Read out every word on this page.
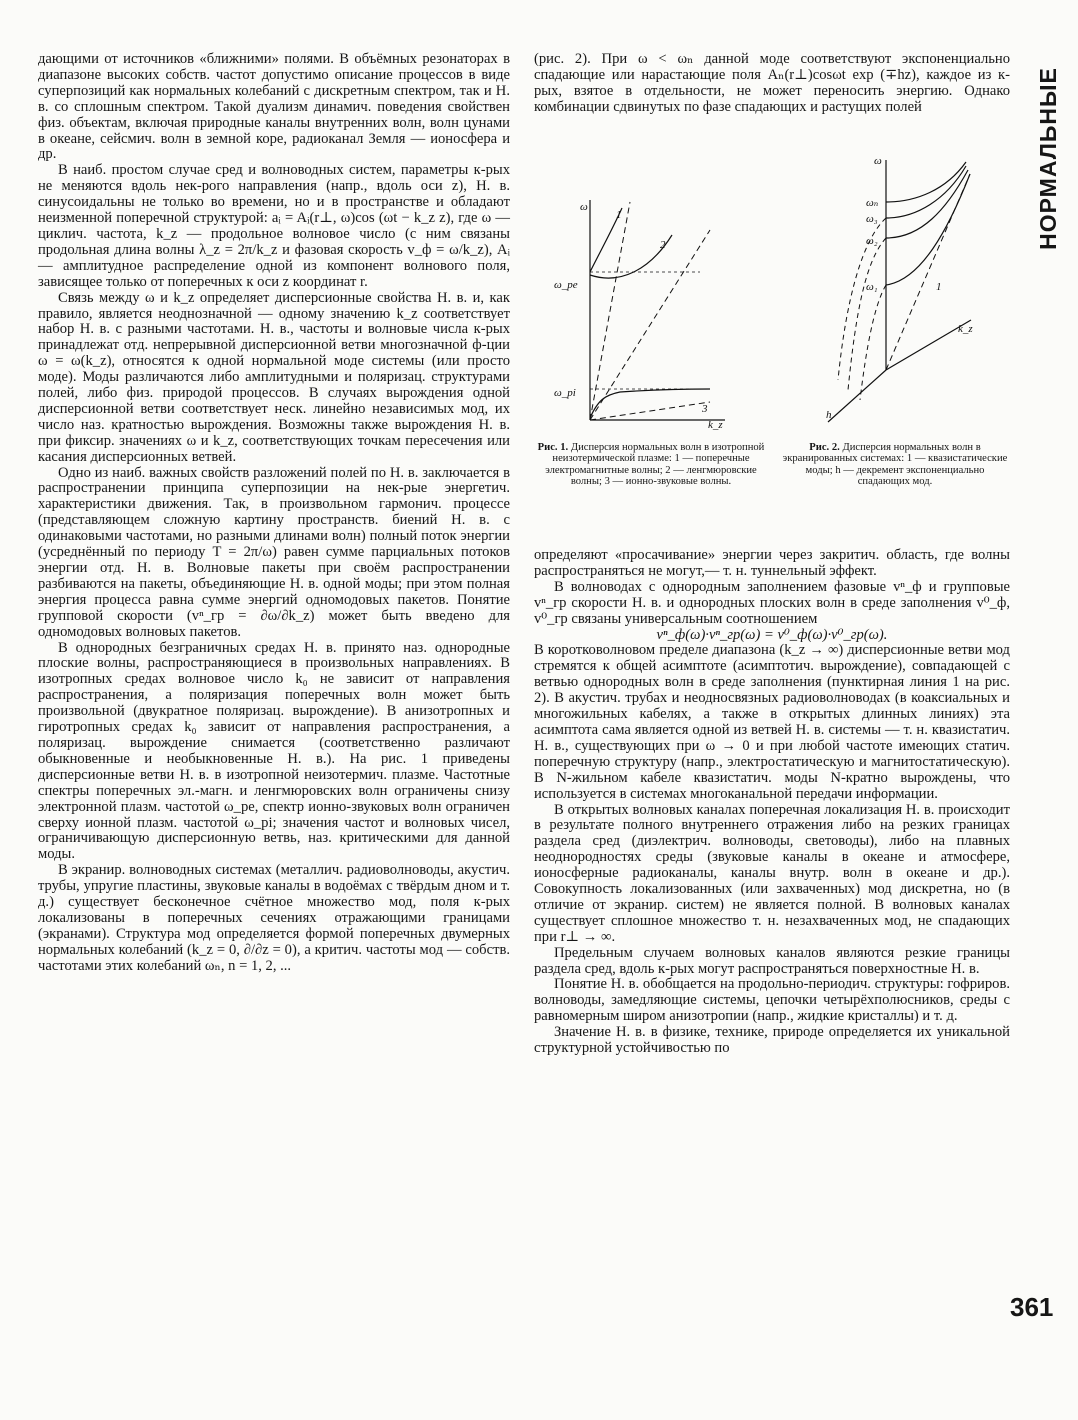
НОРМАЛЬНЫЕ

дающими от источников «ближними» полями. В объёмных резонаторах в диапазоне высоких собств. частот допустимо описание процессов в виде суперпозиций как нормальных колебаний с дискретным спектром, так и Н. в. со сплошным спектром. Такой дуализм динамич. поведения свойствен физ. объектам, включая природные каналы внутренних волн, волн цунами в океане, сейсмич. волн в земной коре, радиоканал Земля — ионосфера и др.

В наиб. простом случае сред и волноводных систем, параметры к-рых не меняются вдоль нек-рого направления (напр., вдоль оси z), Н. в. синусоидальны не только во времени, но и в пространстве и обладают неизменной поперечной структурой: aᵢ = Aᵢ(r⊥, ω)cos (ωt − k_z z), где ω — циклич. частота, k_z — продольное волновое число (с ним связаны продольная длина волны λ_z = 2π/k_z и фазовая скорость v_ф = ω/k_z), Aᵢ — амплитудное распределение одной из компонент волнового поля, зависящее только от поперечных к оси z координат r.

Связь между ω и k_z определяет дисперсионные свойства Н. в. и, как правило, является неоднозначной — одному значению k_z соответствует набор Н. в. с разными частотами. Н. в., частоты и волновые числа к-рых принадлежат отд. непрерывной дисперсионной ветви многозначной ф-ции ω = ω(k_z), относятся к одной нормальной моде системы (или просто моде). Моды различаются либо амплитудными и поляризац. структурами полей, либо физ. природой процессов. В случаях вырождения одной дисперсионной ветви соответствует неск. линейно независимых мод, их число наз. кратностью вырождения. Возможны также вырождения Н. в. при фиксир. значениях ω и k_z, соответствующих точкам пересечения или касания дисперсионных ветвей.

Одно из наиб. важных свойств разложений полей по Н. в. заключается в распространении принципа суперпозиции на нек-рые энергетич. характеристики движения. Так, в произвольном гармонич. процессе (представляющем сложную картину пространств. биений Н. в. с одинаковыми частотами, но разными длинами волн) полный поток энергии (усреднённый по периоду T = 2π/ω) равен сумме парциальных потоков энергии отд. Н. в. Волновые пакеты при своём распространении разбиваются на пакеты, объединяющие Н. в. одной моды; при этом полная энергия процесса равна сумме энергий одномодовых пакетов. Понятие групповой скорости (vⁿ_гр = ∂ω/∂k_z) может быть введено для одномодовых волновых пакетов.

В однородных безграничных средах Н. в. принято наз. однородные плоские волны, распространяющиеся в произвольных направлениях. В изотропных средах волновое число k₀ не зависит от направления распространения, а поляризация поперечных волн может быть произвольной (двукратное поляризац. вырождение). В анизотропных и гиротропных средах k₀ зависит от направления распространения, а поляризац. вырождение снимается (соответственно различают обыкновенные и необыкновенные Н. в.). На рис. 1 приведены дисперсионные ветви Н. в. в изотропной неизотермич. плазме. Частотные спектры поперечных эл.-магн. и ленгмюровских волн ограничены снизу электронной плазм. частотой ω_pe, спектр ионно-звуковых волн ограничен сверху ионной плазм. частотой ω_pi; значения частот и волновых чисел, ограничивающую дисперсионную ветвь, наз. критическими для данной моды.

В экранир. волноводных системах (металлич. радиоволноводы, акустич. трубы, упругие пластины, звуковые каналы в водоёмах с твёрдым дном и т. д.) существует бесконечное счётное множество мод, поля к-рых локализованы в поперечных сечениях отражающими границами (экранами). Структура мод определяется формой поперечных двумерных нормальных колебаний (k_z = 0, ∂/∂z = 0), а критич. частоты мод — собств. частотами этих колебаний ωₙ, n = 1, 2, ...

(рис. 2). При ω < ωₙ данной моде соответствуют экспоненциально спадающие или нарастающие поля Aₙ(r⊥)cosωt exp (∓hz), каждое из к-рых, взятое в отдельности, не может переносить энергию. Однако комбинации сдвинутых по фазе спадающих и растущих полей

ω
k_z
ω_pe
ω_pi
1
2
3
ω
k_z
h
ωₙ
ω₃
ω₂
ω₁	1
Рис. 1. Дисперсия нормальных волн в изотропной неизотермической плазме: 1 — поперечные электромагнитные волны; 2 — ленгмюровские волны; 3 — ионно-звуковые волны.
Рис. 2. Дисперсия нормальных волн в экранированных системах: 1 — квазистатические моды; h — декремент экспоненциально спадающих мод.

определяют «просачивание» энергии через закритич. область, где волны распространяться не могут,— т. н. туннельный эффект.

В волноводах с однородным заполнением фазовые vⁿ_ф и групповые vⁿ_гр скорости Н. в. и однородных плоских волн в среде заполнения v⁰_ф, v⁰_гр связаны универсальным соотношением

vⁿ_ф(ω)·vⁿ_гр(ω) = v⁰_ф(ω)·v⁰_гр(ω).

В коротковолновом пределе диапазона (k_z → ∞) дисперсионные ветви мод стремятся к общей асимптоте (асимптотич. вырождение), совпадающей с ветвью однородных волн в среде заполнения (пунктирная линия 1 на рис. 2). В акустич. трубах и неодносвязных радиоволноводах (в коаксиальных и многожильных кабелях, а также в открытых длинных линиях) эта асимптота сама является одной из ветвей Н. в. системы — т. н. квазистатич. Н. в., существующих при ω → 0 и при любой частоте имеющих статич. поперечную структуру (напр., электростатическую и магнитостатическую). В N-жильном кабеле квазистатич. моды N-кратно вырождены, что используется в системах многоканальной передачи информации.

В открытых волновых каналах поперечная локализация Н. в. происходит в результате полного внутреннего отражения либо на резких границах раздела сред (диэлектрич. волноводы, световоды), либо на плавных неоднородностях среды (звуковые каналы в океане и атмосфере, ионосферные радиоканалы, каналы внутр. волн в океане и др.). Совокупность локализованных (или захваченных) мод дискретна, но (в отличие от экранир. систем) не является полной. В волновых каналах существует сплошное множество т. н. незахваченных мод, не спадающих при r⊥ → ∞.

Предельным случаем волновых каналов являются резкие границы раздела сред, вдоль к-рых могут распространяться поверхностные Н. в.

Понятие Н. в. обобщается на продольно-периодич. структуры: гофриров. волноводы, замедляющие системы, цепочки четырёхполюсников, среды с равномерным широм анизотропии (напр., жидкие кристаллы) и т. д.

Значение Н. в. в физике, технике, природе определяется их уникальной структурной устойчивостью по

361
